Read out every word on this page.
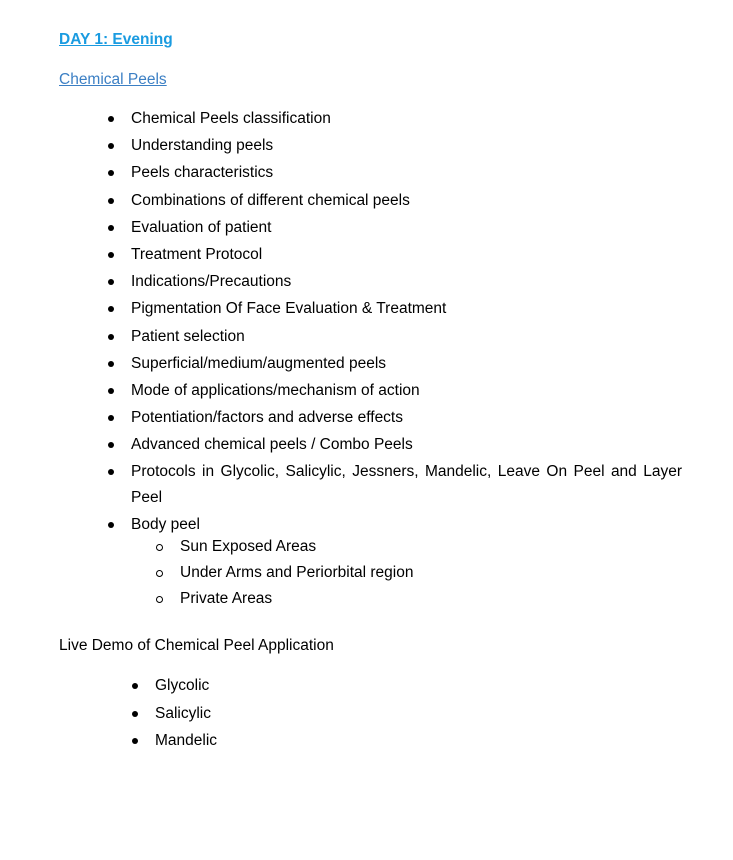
DAY 1: Evening
Chemical Peels
Chemical Peels classification
Understanding peels
Peels characteristics
Combinations of different chemical peels
Evaluation of patient
Treatment Protocol
Indications/Precautions
Pigmentation Of Face Evaluation & Treatment
Patient selection
Superficial/medium/augmented peels
Mode of applications/mechanism of action
Potentiation/factors and adverse effects
Advanced chemical peels / Combo Peels
Protocols in Glycolic, Salicylic, Jessners, Mandelic, Leave On Peel and Layer Peel
Body peel
Sun Exposed Areas
Under Arms and Periorbital region
Private Areas
Live Demo of Chemical Peel Application
Glycolic
Salicylic
Mandelic
